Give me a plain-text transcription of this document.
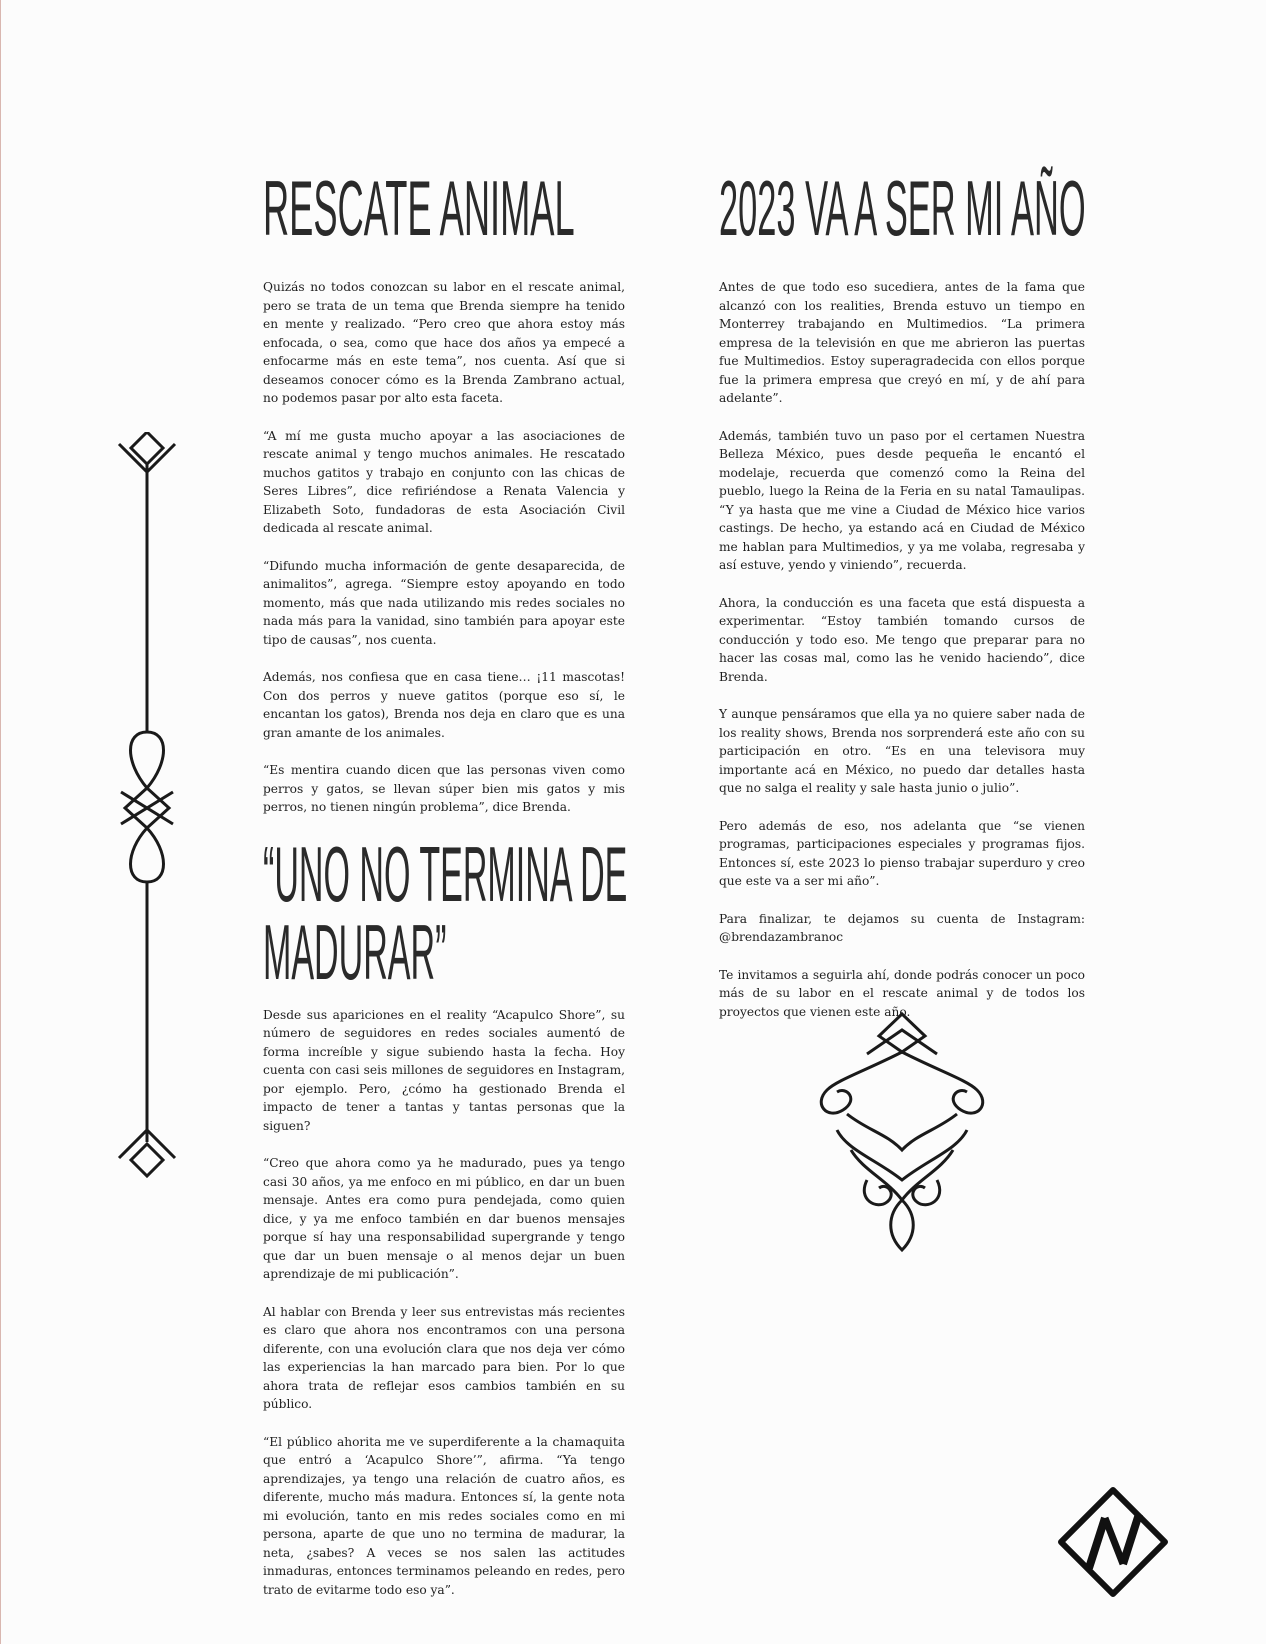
RESCATE ANIMAL

Quizás no todos conozcan su labor en el rescate animal, pero se trata de un tema que Brenda siempre ha tenido en mente y realizado. “Pero creo que ahora estoy más enfocada, o sea, como que hace dos años ya empecé a enfocarme más en este tema”, nos cuenta. Así que si deseamos conocer cómo es la Brenda Zambrano actual, no podemos pasar por alto esta faceta.

“A mí me gusta mucho apoyar a las asociaciones de rescate animal y tengo muchos animales. He rescatado muchos gatitos y trabajo en conjunto con las chicas de Seres Libres”, dice refiriéndose a Renata Valencia y Elizabeth Soto, fundadoras de esta Asociación Civil dedicada al rescate animal.

“Difundo mucha información de gente desaparecida, de animalitos”, agrega. “Siempre estoy apoyando en todo momento, más que nada utilizando mis redes sociales no nada más para la vanidad, sino también para apoyar este tipo de causas”, nos cuenta.

Además, nos confiesa que en casa tiene… ¡11 mascotas! Con dos perros y nueve gatitos (porque eso sí, le encantan los gatos), Brenda nos deja en claro que es una gran amante de los animales.

“Es mentira cuando dicen que las personas viven como perros y gatos, se llevan súper bien mis gatos y mis perros, no tienen ningún problema”, dice Brenda.

“UNO NO TERMINA DE
MADURAR”

Desde sus apariciones en el reality “Acapulco Shore”, su número de seguidores en redes sociales aumentó de forma increíble y sigue subiendo hasta la fecha. Hoy cuenta con casi seis millones de seguidores en Instagram, por ejemplo. Pero, ¿cómo ha gestionado Brenda el impacto de tener a tantas y tantas personas que la siguen?

“Creo que ahora como ya he madurado, pues ya tengo casi 30 años, ya me enfoco en mi público, en dar un buen mensaje. Antes era como pura pendejada, como quien dice, y ya me enfoco también en dar buenos mensajes porque sí hay una responsabilidad supergrande y tengo que dar un buen mensaje o al menos dejar un buen aprendizaje de mi publicación”.

Al hablar con Brenda y leer sus entrevistas más recientes es claro que ahora nos encontramos con una persona diferente, con una evolución clara que nos deja ver cómo las experiencias la han marcado para bien. Por lo que ahora trata de reflejar esos cambios también en su público.

“El público ahorita me ve superdiferente a la chamaquita que entró a ‘Acapulco Shore’”, afirma. “Ya tengo aprendizajes, ya tengo una relación de cuatro años, es diferente, mucho más madura. Entonces sí, la gente nota mi evolución, tanto en mis redes sociales como en mi persona, aparte de que uno no termina de madurar, la neta, ¿sabes? A veces se nos salen las actitudes inmaduras, entonces terminamos peleando en redes, pero trato de evitarme todo eso ya”.

2023 VA A SER MI AÑO

Antes de que todo eso sucediera, antes de la fama que alcanzó con los realities, Brenda estuvo un tiempo en Monterrey trabajando en Multimedios. “La primera empresa de la televisión en que me abrieron las puertas fue Multimedios. Estoy superagradecida con ellos porque fue la primera empresa que creyó en mí, y de ahí para adelante”.

Además, también tuvo un paso por el certamen Nuestra Belleza México, pues desde pequeña le encantó el modelaje, recuerda que comenzó como la Reina del pueblo, luego la Reina de la Feria en su natal Tamaulipas. “Y ya hasta que me vine a Ciudad de México hice varios castings. De hecho, ya estando acá en Ciudad de México me hablan para Multimedios, y ya me volaba, regresaba y así estuve, yendo y viniendo”, recuerda.

Ahora, la conducción es una faceta que está dispuesta a experimentar. “Estoy también tomando cursos de conducción y todo eso. Me tengo que preparar para no hacer las cosas mal, como las he venido haciendo”, dice Brenda.

Y aunque pensáramos que ella ya no quiere saber nada de los reality shows, Brenda nos sorprenderá este año con su participación en otro. “Es en una televisora muy importante acá en México, no puedo dar detalles hasta que no salga el reality y sale hasta junio o julio”.

Pero además de eso, nos adelanta que “se vienen programas, participaciones especiales y programas fijos. Entonces sí, este 2023 lo pienso trabajar superduro y creo que este va a ser mi año”.

Para finalizar, te dejamos su cuenta de Instagram: @brendazambranoc

Te invitamos a seguirla ahí, donde podrás conocer un poco más de su labor en el rescate animal y de todos los proyectos que vienen este año.
